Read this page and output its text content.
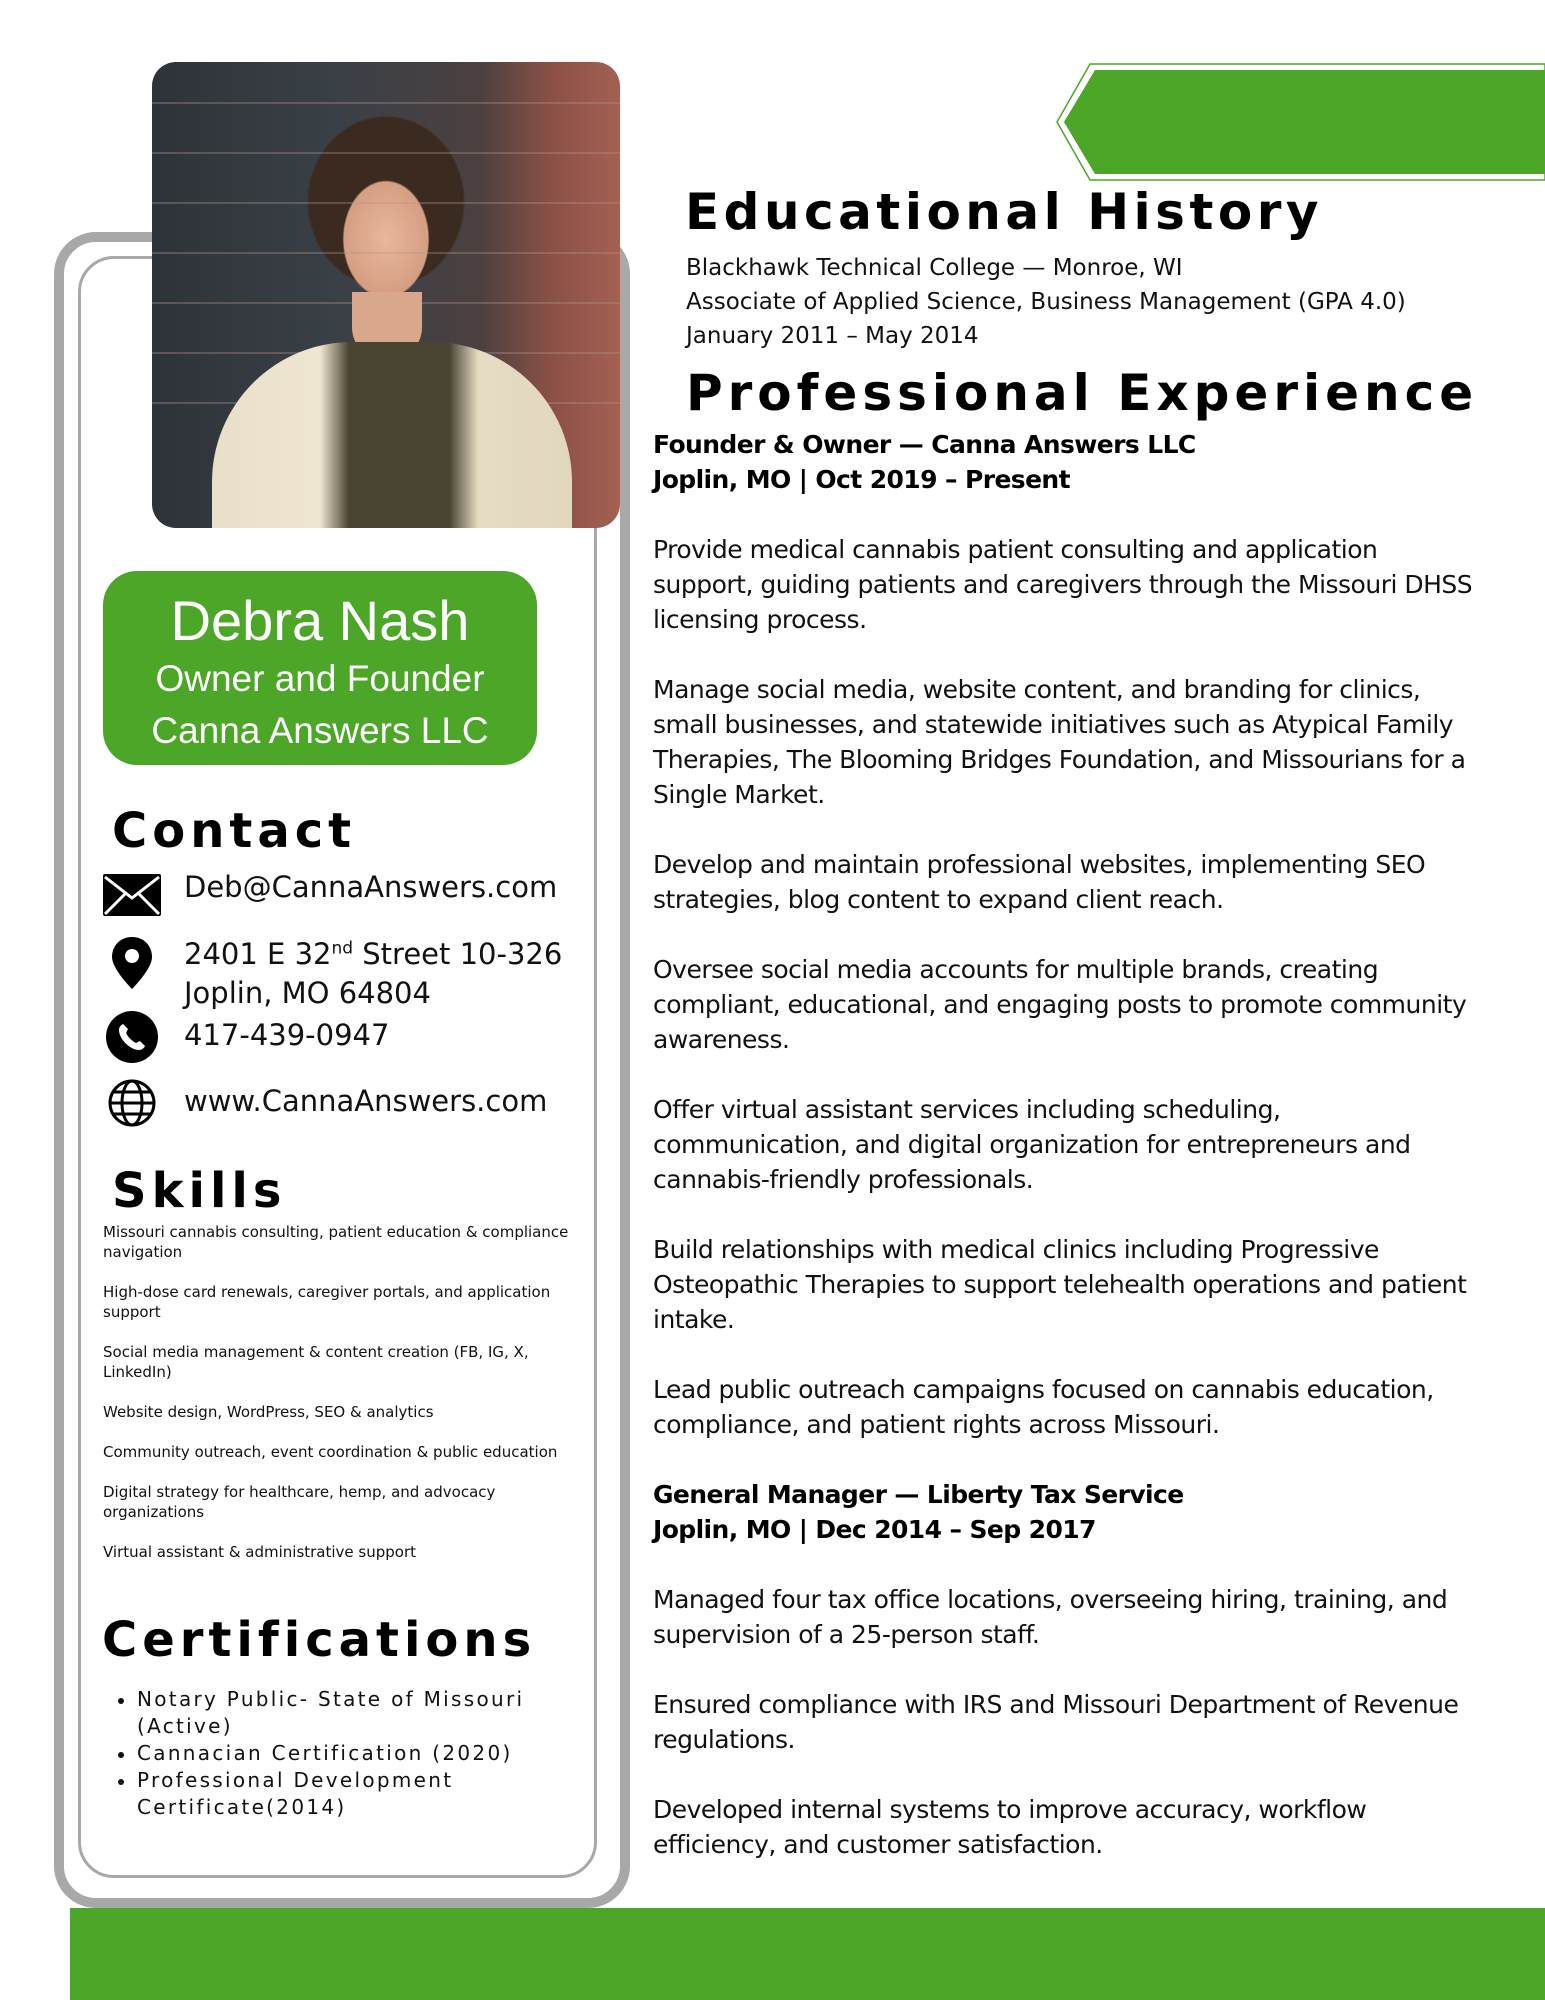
Debra Nash
Owner and Founder
Canna Answers LLC
Contact
Deb@CannaAnswers.com
2401 E 32nd Street 10-326
Joplin, MO 64804
417-439-0947
www.CannaAnswers.com
Skills
Missouri cannabis consulting, patient education & compliance navigation
High-dose card renewals, caregiver portals, and application support
Social media management & content creation (FB, IG, X, LinkedIn)
Website design, WordPress, SEO & analytics
Community outreach, event coordination & public education
Digital strategy for healthcare, hemp, and advocacy organizations
Virtual assistant & administrative support
Certifications
Notary Public- State of Missouri (Active)
Cannacian Certification (2020)
Professional Development Certificate(2014)
Educational History
Blackhawk Technical College — Monroe, WI
Associate of Applied Science, Business Management (GPA 4.0)
January 2011 – May 2014
Professional Experience
Founder & Owner — Canna Answers LLC
Joplin, MO | Oct 2019 – Present

Provide medical cannabis patient consulting and application support, guiding patients and caregivers through the Missouri DHSS licensing process.

Manage social media, website content, and branding for clinics, small businesses, and statewide initiatives such as Atypical Family Therapies, The Blooming Bridges Foundation, and Missourians for a Single Market.

Develop and maintain professional websites, implementing SEO strategies, blog content to expand client reach.

Oversee social media accounts for multiple brands, creating compliant, educational, and engaging posts to promote community awareness.

Offer virtual assistant services including scheduling, communication, and digital organization for entrepreneurs and cannabis-friendly professionals.

Build relationships with medical clinics including Progressive Osteopathic Therapies to support telehealth operations and patient intake.

Lead public outreach campaigns focused on cannabis education, compliance, and patient rights across Missouri.

General Manager — Liberty Tax Service
Joplin, MO | Dec 2014 – Sep 2017

Managed four tax office locations, overseeing hiring, training, and supervision of a 25-person staff.

Ensured compliance with IRS and Missouri Department of Revenue regulations.

Developed internal systems to improve accuracy, workflow efficiency, and customer satisfaction.
